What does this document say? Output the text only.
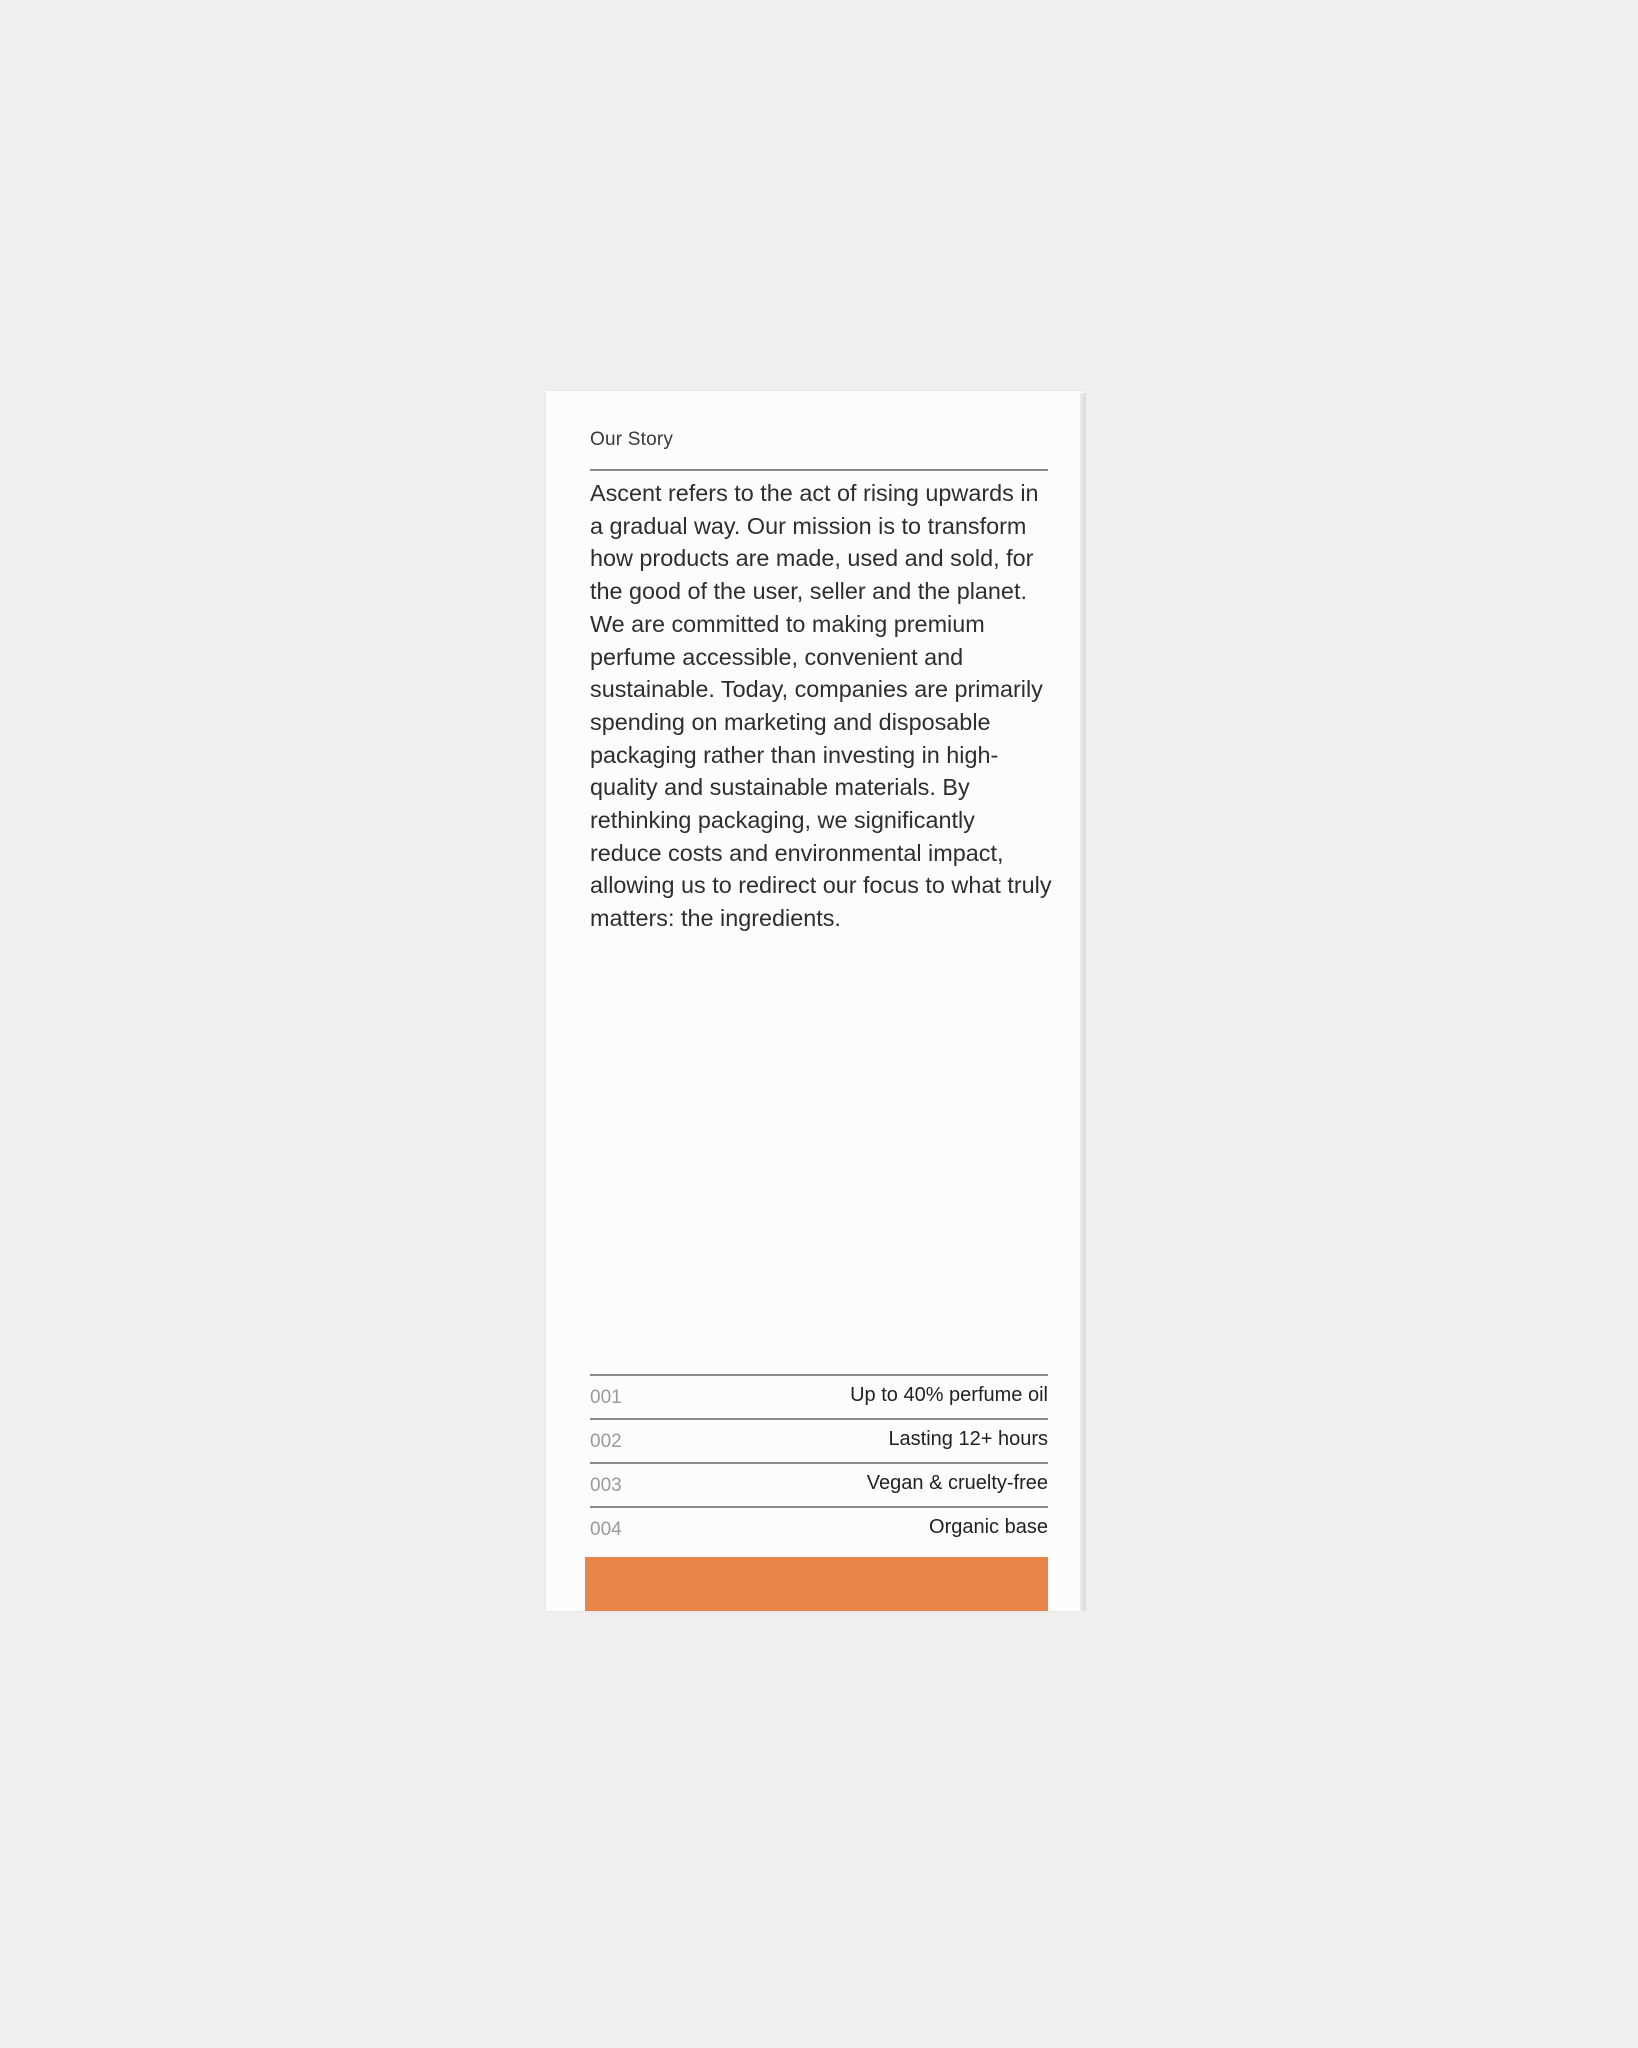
Our Story
Ascent refers to the act of rising upwards in a gradual way. Our mission is to transform how products are made, used and sold, for the good of the user, seller and the planet. We are committed to making premium perfume accessible, convenient and sustainable. Today, companies are primarily spending on marketing and disposable packaging rather than investing in high-quality and sustainable materials. By rethinking packaging, we significantly reduce costs and environmental impact, allowing us to redirect our focus to what truly matters: the ingredients.
001	Up to 40% perfume oil
002	Lasting 12+ hours
003	Vegan & cruelty-free
004	Organic base
